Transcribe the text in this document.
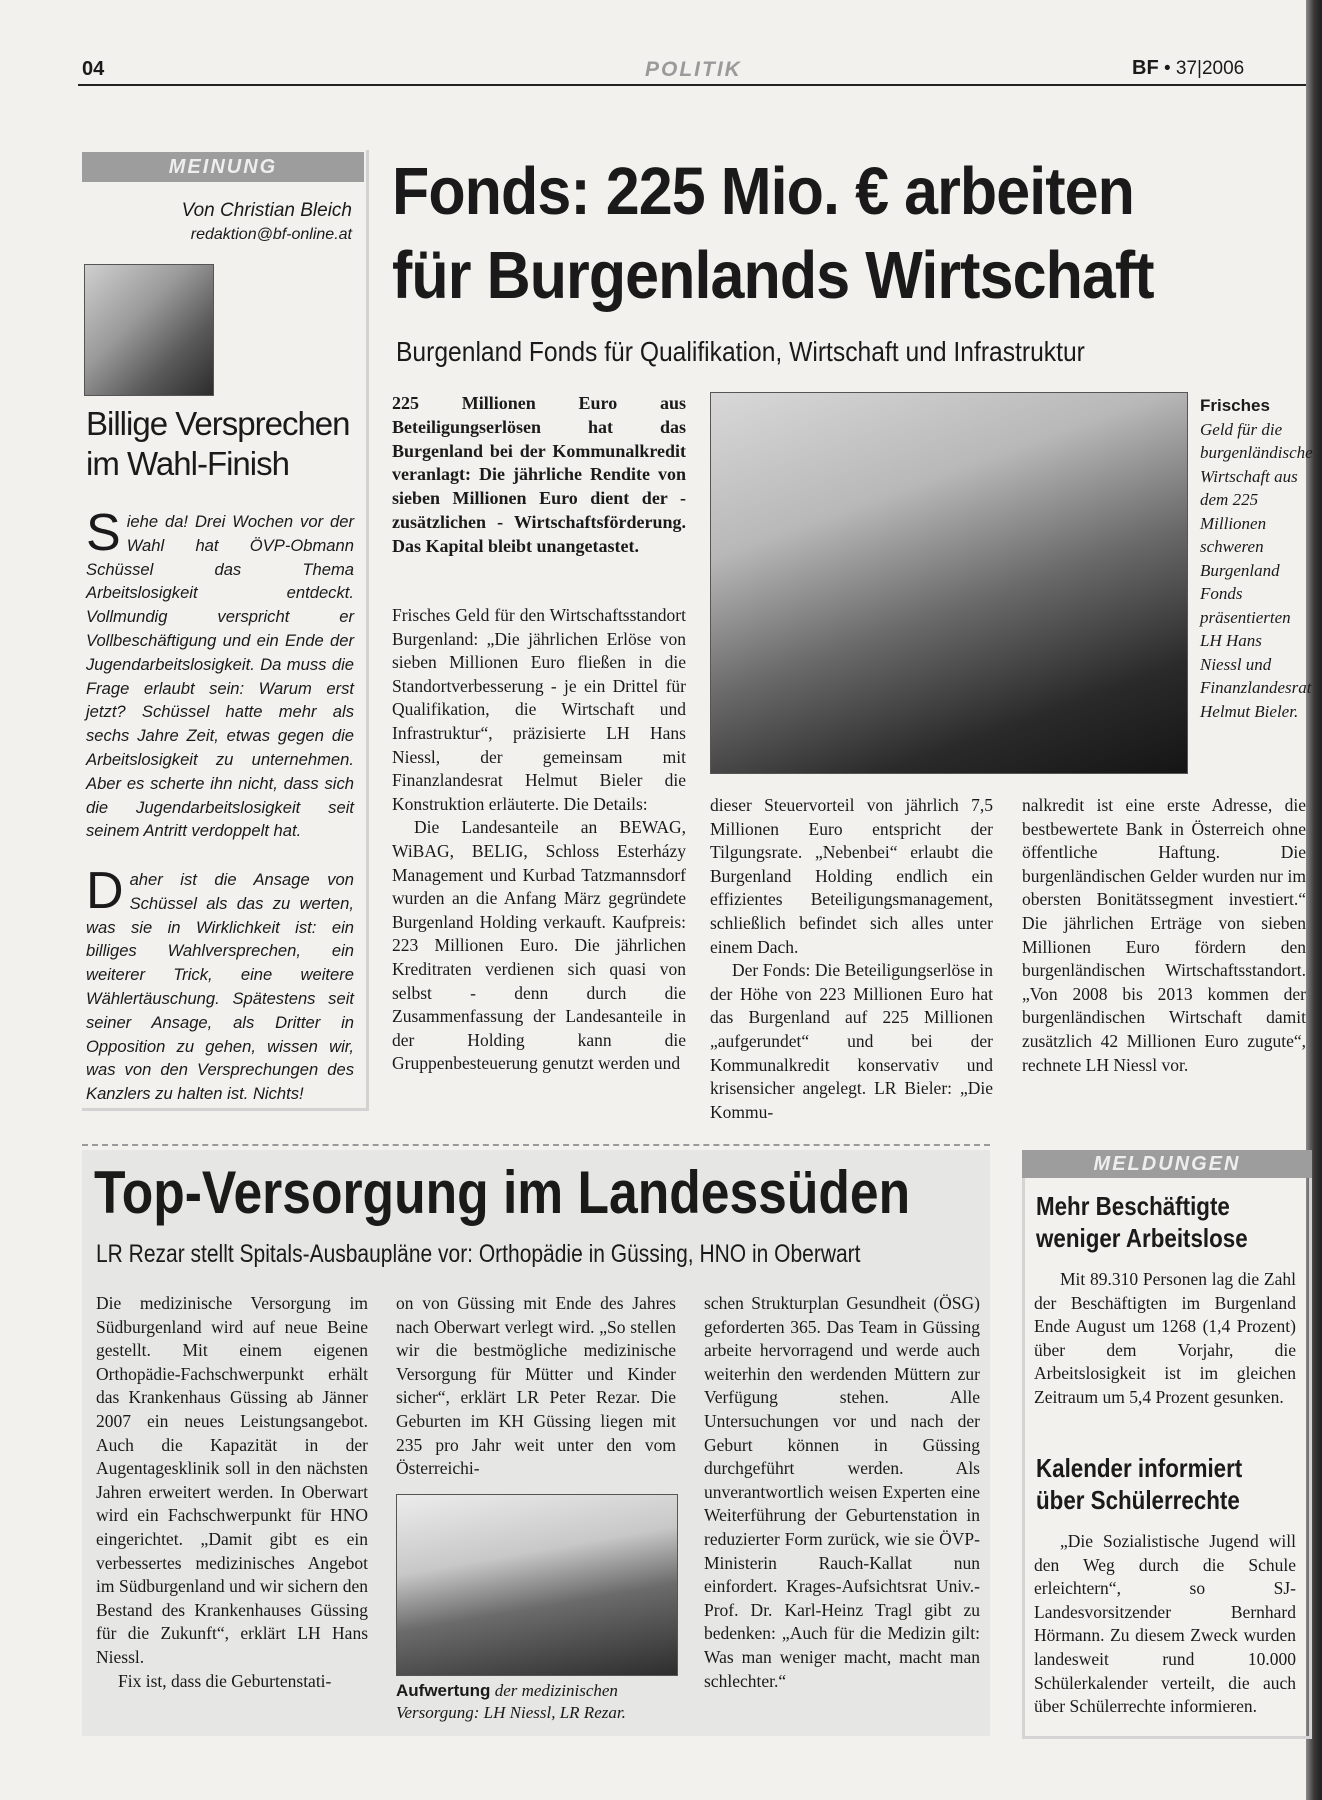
04	POLITIK	BF • 37|2006
MEINUNG
Von Christian Bleich
redaktion@bf-online.at
Billige Versprechen
im Wahl-Finish
Siehe da! Drei Wochen vor der Wahl hat ÖVP-Obmann Schüssel das Thema Arbeitslosigkeit entdeckt. Vollmundig verspricht er Vollbeschäftigung und ein Ende der Jugendarbeitslosigkeit. Da muss die Frage erlaubt sein: Warum erst jetzt? Schüssel hatte mehr als sechs Jahre Zeit, etwas gegen die Arbeitslosigkeit zu unternehmen. Aber es scherte ihn nicht, dass sich die Jugendarbeitslosigkeit seit seinem Antritt verdoppelt hat.
Daher ist die Ansage von Schüssel als das zu werten, was sie in Wirklichkeit ist: ein billiges Wahlversprechen, ein weiterer Trick, eine weitere Wählertäuschung. Spätestens seit seiner Ansage, als Dritter in Opposition zu gehen, wissen wir, was von den Versprechungen des Kanzlers zu halten ist. Nichts!
Fonds: 225 Mio. € arbeiten
für Burgenlands Wirtschaft
Burgenland Fonds für Qualifikation, Wirtschaft und Infrastruktur
225 Millionen Euro aus Beteiligungserlösen hat das Burgenland bei der Kommunalkredit veranlagt: Die jährliche Rendite von sieben Millionen Euro dient der - zusätzlichen - Wirtschaftsförderung. Das Kapital bleibt unangetastet.

Frisches Geld für den Wirtschaftsstandort Burgenland: „Die jährlichen Erlöse von sieben Millionen Euro fließen in die Standortverbesserung - je ein Drittel für Qualifikation, die Wirtschaft und Infrastruktur“, präzisierte LH Hans Niessl, der gemeinsam mit Finanzlandesrat Helmut Bieler die Konstruktion erläuterte. Die Details:

Die Landesanteile an BEWAG, WiBAG, BELIG, Schloss Esterházy Management und Kurbad Tatzmannsdorf wurden an die Anfang März gegründete Burgenland Holding verkauft. Kaufpreis: 223 Millionen Euro. Die jährlichen Kreditraten verdienen sich quasi von selbst - denn durch die Zusammenfassung der Landesanteile in der Holding kann die Gruppenbesteuerung genutzt werden und

Frisches Geld für die burgenländische Wirtschaft aus dem 225 Millionen schweren Burgenland Fonds präsentierten LH Hans Niessl und Finanzlandesrat Helmut Bieler.

dieser Steuervorteil von jährlich 7,5 Millionen Euro entspricht der Tilgungsrate. „Nebenbei“ erlaubt die Burgenland Holding endlich ein effizientes Beteiligungsmanagement, schließlich befindet sich alles unter einem Dach.

Der Fonds: Die Beteiligungserlöse in der Höhe von 223 Millionen Euro hat das Burgenland auf 225 Millionen „aufgerundet“ und bei der Kommunalkredit konservativ und krisensicher angelegt. LR Bieler: „Die Kommu-

nalkredit ist eine erste Adresse, die bestbewertete Bank in Österreich ohne öffentliche Haftung. Die burgenländischen Gelder wurden nur im obersten Bonitätssegment investiert.“ Die jährlichen Erträge von sieben Millionen Euro fördern den burgenländischen Wirtschaftsstandort. „Von 2008 bis 2013 kommen der burgenländischen Wirtschaft damit zusätzlich 42 Millionen Euro zugute“, rechnete LH Niessl vor.

Top-Versorgung im Landessüden
LR Rezar stellt Spitals-Ausbaupläne vor: Orthopädie in Güssing, HNO in Oberwart

Die medizinische Versorgung im Südburgenland wird auf neue Beine gestellt. Mit einem eigenen Orthopädie-Fachschwerpunkt erhält das Krankenhaus Güssing ab Jänner 2007 ein neues Leistungsangebot. Auch die Kapazität in der Augentagesklinik soll in den nächsten Jahren erweitert werden. In Oberwart wird ein Fachschwerpunkt für HNO eingerichtet. „Damit gibt es ein verbessertes medizinisches Angebot im Südburgenland und wir sichern den Bestand des Krankenhauses Güssing für die Zukunft“, erklärt LH Hans Niessl.

Fix ist, dass die Geburtenstati-

on von Güssing mit Ende des Jahres nach Oberwart verlegt wird. „So stellen wir die bestmögliche medizinische Versorgung für Mütter und Kinder sicher“, erklärt LR Peter Rezar. Die Geburten im KH Güssing liegen mit 235 pro Jahr weit unter den vom Österreichi-

Aufwertung der medizinischen Versorgung: LH Niessl, LR Rezar.

schen Strukturplan Gesundheit (ÖSG) geforderten 365. Das Team in Güssing arbeite hervorragend und werde auch weiterhin den werdenden Müttern zur Verfügung stehen. Alle Untersuchungen vor und nach der Geburt können in Güssing durchgeführt werden. Als unverantwortlich weisen Experten eine Weiterführung der Geburtenstation in reduzierter Form zurück, wie sie ÖVP-Ministerin Rauch-Kallat nun einfordert. Krages-Aufsichtsrat Univ.-Prof. Dr. Karl-Heinz Tragl gibt zu bedenken: „Auch für die Medizin gilt: Was man weniger macht, macht man schlechter.“

MELDUNGEN
Mehr Beschäftigte
weniger Arbeitslose
Mit 89.310 Personen lag die Zahl der Beschäftigten im Burgenland Ende August um 1268 (1,4 Prozent) über dem Vorjahr, die Arbeitslosigkeit ist im gleichen Zeitraum um 5,4 Prozent gesunken.
Kalender informiert
über Schülerrechte
„Die Sozialistische Jugend will den Weg durch die Schule erleichtern“, so SJ-Landesvorsitzender Bernhard Hörmann. Zu diesem Zweck wurden landesweit rund 10.000 Schülerkalender verteilt, die auch über Schülerrechte informieren.
